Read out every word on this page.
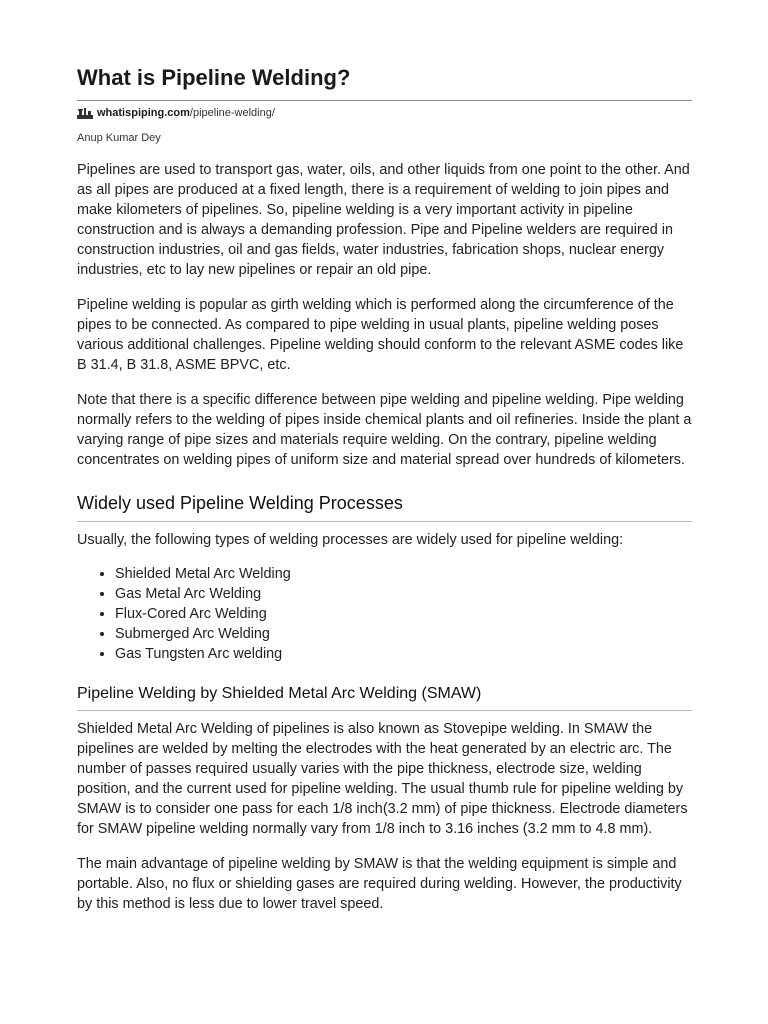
What is Pipeline Welding?
whatispiping.com /pipeline-welding/
Anup Kumar Dey

Pipelines are used to transport gas, water, oils, and other liquids from one point to the other. And as all pipes are produced at a fixed length, there is a requirement of welding to join pipes and make kilometers of pipelines. So, pipeline welding is a very important activity in pipeline construction and is always a demanding profession. Pipe and Pipeline welders are required in construction industries, oil and gas fields, water industries, fabrication shops, nuclear energy industries, etc to lay new pipelines or repair an old pipe.

Pipeline welding is popular as girth welding which is performed along the circumference of the pipes to be connected. As compared to pipe welding in usual plants, pipeline welding poses various additional challenges. Pipeline welding should conform to the relevant ASME codes like B 31.4, B 31.8, ASME BPVC, etc.

Note that there is a specific difference between pipe welding and pipeline welding. Pipe welding normally refers to the welding of pipes inside chemical plants and oil refineries. Inside the plant a varying range of pipe sizes and materials require welding. On the contrary, pipeline welding concentrates on welding pipes of uniform size and material spread over hundreds of kilometers.

Widely used Pipeline Welding Processes

Usually, the following types of welding processes are widely used for pipeline welding:

• Shielded Metal Arc Welding
• Gas Metal Arc Welding
• Flux-Cored Arc Welding
• Submerged Arc Welding
• Gas Tungsten Arc welding
Pipeline Welding by Shielded Metal Arc Welding (SMAW)

Shielded Metal Arc Welding of pipelines is also known as Stovepipe welding. In SMAW the pipelines are welded by melting the electrodes with the heat generated by an electric arc. The number of passes required usually varies with the pipe thickness, electrode size, welding position, and the current used for pipeline welding. The usual thumb rule for pipeline welding by SMAW is to consider one pass for each 1/8 inch(3.2 mm) of pipe thickness. Electrode diameters for SMAW pipeline welding normally vary from 1/8 inch to 3.16 inches (3.2 mm to 4.8 mm).

The main advantage of pipeline welding by SMAW is that the welding equipment is simple and portable. Also, no flux or shielding gases are required during welding. However, the productivity by this method is less due to lower travel speed.
